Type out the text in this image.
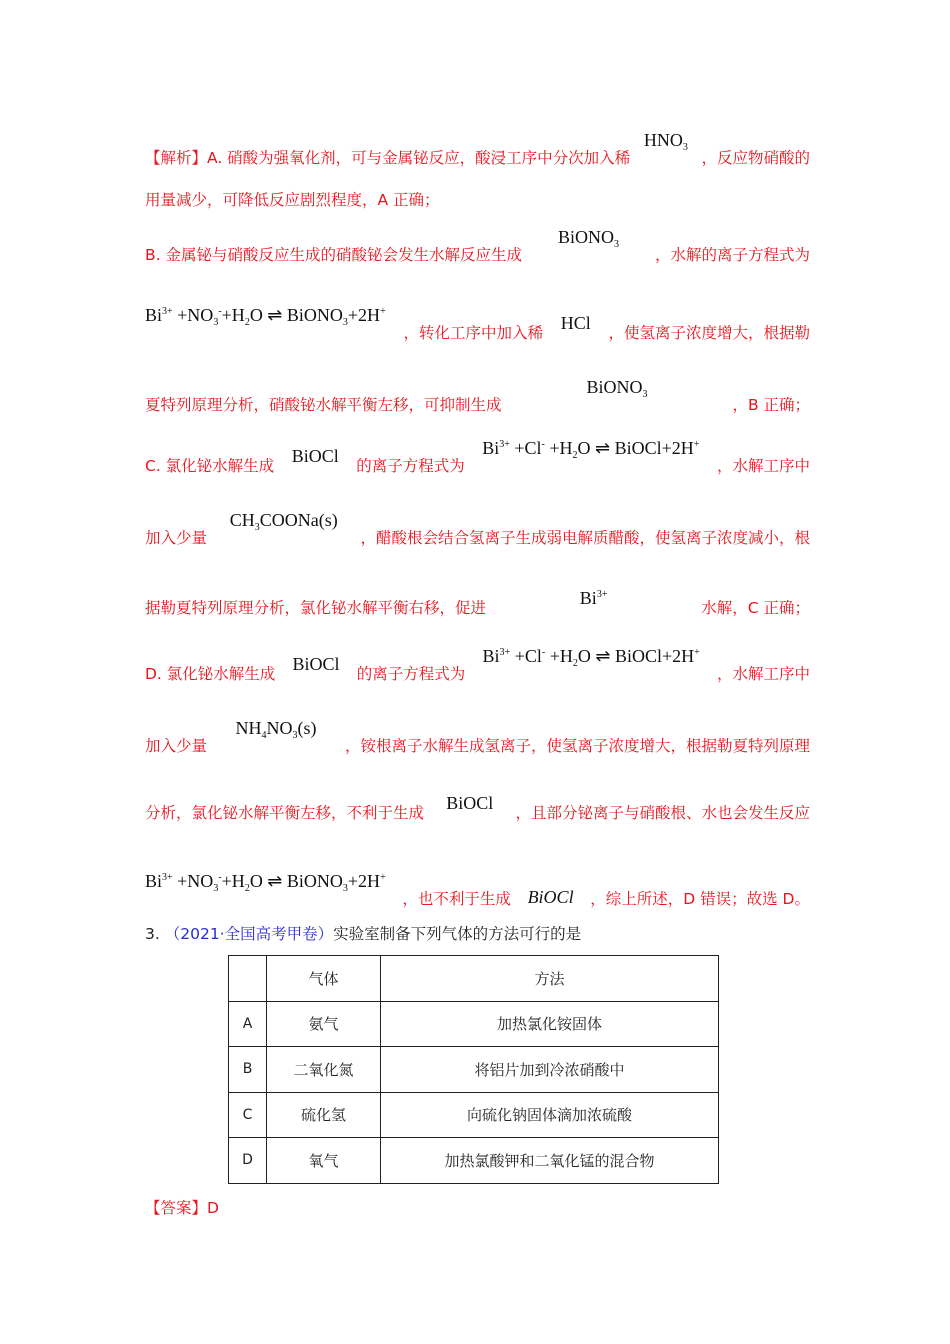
【解析】A. 硝酸为强氧化剂，可与金属铋反应，酸浸工序中分次加入稀
$HNO_3$
，反应物硝酸的
用量减少，可降低反应剧烈程度，A 正确；
B. 金属铋与硝酸反应生成的硝酸铋会发生水解反应生成
BiONO$_3$
，水解的离子方程式为
$Bi^{3+} +NO_3^-+H_2O$ ⇌ BiONO$_3$+2H+
，转化工序中加入稀 HCl ，使氢离子浓度增大，根据勒
夏特列原理分析，硝酸铋水解平衡左移，可抑制生成
BiONO$_3$
，B 正确；
C. 氯化铋水解生成 BiOCl 的离子方程式为
$Bi^{3+} +Cl^- +H_2O$ ⇌ BiOCl+2H+
，水解工序中
加入少量
$CH_3COONa(s)$
，醋酸根会结合氢离子生成弱电解质醋酸，使氢离子浓度减小，根
据勒夏特列原理分析，氯化铋水解平衡右移，促进	$Bi^{3+}$
水解，C 正确；
D. 氯化铋水解生成 BiOCl 的离子方程式为
$Bi^{3+} +Cl^- +H_2O$ ⇌ BiOCl+2H+
，水解工序中
加入少量
$NH_4NO_3(s)$
，铵根离子水解生成氢离子，使氢离子浓度增大，根据勒夏特列原理
分析，氯化铋水解平衡左移，不利于生成 BiOCl ，且部分铋离子与硝酸根、水也会发生反应
$Bi^{3+} +NO_3^-+H_2O$ ⇌ BiONO$_3$+2H+
，也不利于生成 BiOCl ，综上所述，D 错误；故选 D。
3. （2021·全国高考甲卷）实验室制备下列气体的方法可行的是
	气体	方法
A	氨气	加热氯化铵固体
B	二氧化氮	将铝片加到冷浓硝酸中
C	硫化氢	向硫化钠固体滴加浓硫酸
D	氧气	加热氯酸钾和二氧化锰的混合物
【答案】D
